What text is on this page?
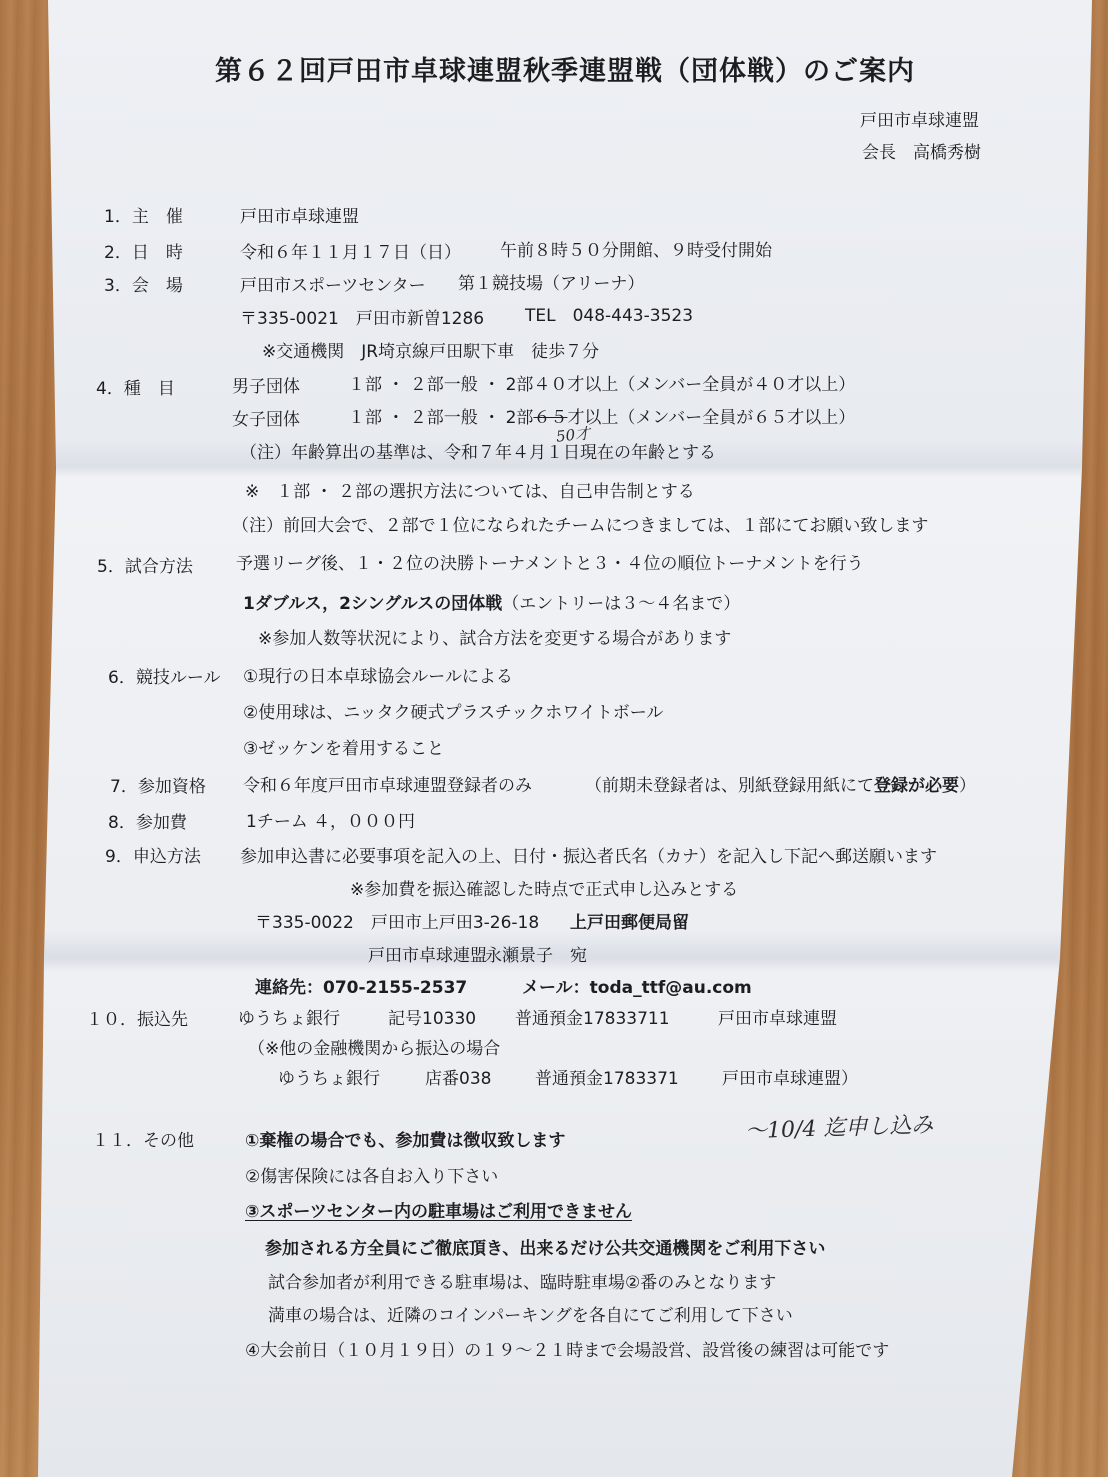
第６２回戸田市卓球連盟秋季連盟戦（団体戦）のご案内
戸田市卓球連盟
会長　高橋秀樹
1．主　催	戸田市卓球連盟
2．日　時	令和６年１１月１７日（日） 午前８時５０分開館、９時受付開始
3．会　場	戸田市スポーツセンター 第１競技場（アリーナ）
〒335-0021　戸田市新曽1286 TEL　048-443-3523
※交通機関　JR埼京線戸田駅下車　徒歩７分
4．種　目	男子団体	１部 ・ ２部一般 ・ 2部４０才以上（メンバー全員が４０才以上）
女子団体	１部 ・ ２部一般 ・ 2部６５才以上（メンバー全員が６５才以上）
50才
（注）年齢算出の基準は、令和７年４月１日現在の年齢とする
※　１部 ・ ２部の選択方法については、自己申告制とする
（注）前回大会で、２部で１位になられたチームにつきましては、１部にてお願い致します
5．試合方法	予選リーグ後、１・２位の決勝トーナメントと３・４位の順位トーナメントを行う
1ダブルス，2シングルスの団体戦（エントリーは３～４名まで）
※参加人数等状況により、試合方法を変更する場合があります
6．競技ルール ①現行の日本卓球協会ルールによる
②使用球は、ニッタク硬式プラスチックホワイトボール
③ゼッケンを着用すること
7．参加資格 令和６年度戸田市卓球連盟登録者のみ	（前期未登録者は、別紙登録用紙にて登録が必要）
8．参加費	1チーム ４，０００円
9．申込方法 参加申込書に必要事項を記入の上、日付・振込者氏名（カナ）を記入し下記へ郵送願います
※参加費を振込確認した時点で正式申し込みとする
〒335-0022　戸田市上戸田3-26-18 上戸田郵便局留
戸田市卓球連盟
永瀬景子　宛
連絡先：070-2155-2537	メール：toda_ttf@au.com
１０．振込先	ゆうちょ銀行	記号10330 普通預金17833711	戸田市卓球連盟
（※他の金融機関から振込の場合
ゆうちょ銀行	店番038	普通預金1783371	戸田市卓球連盟）
１１．その他	①棄権の場合でも、参加費は徴収致します	～10/4 迄申し込み
②傷害保険には各自お入り下さい
③スポーツセンター内の駐車場はご利用できません
参加される方全員にご徹底頂き、出来るだけ公共交通機関をご利用下さい
試合参加者が利用できる駐車場は、臨時駐車場②番のみとなります
満車の場合は、近隣のコインパーキングを各自にてご利用して下さい
④大会前日（１０月１９日）の１９～２１時まで会場設営、設営後の練習は可能です
